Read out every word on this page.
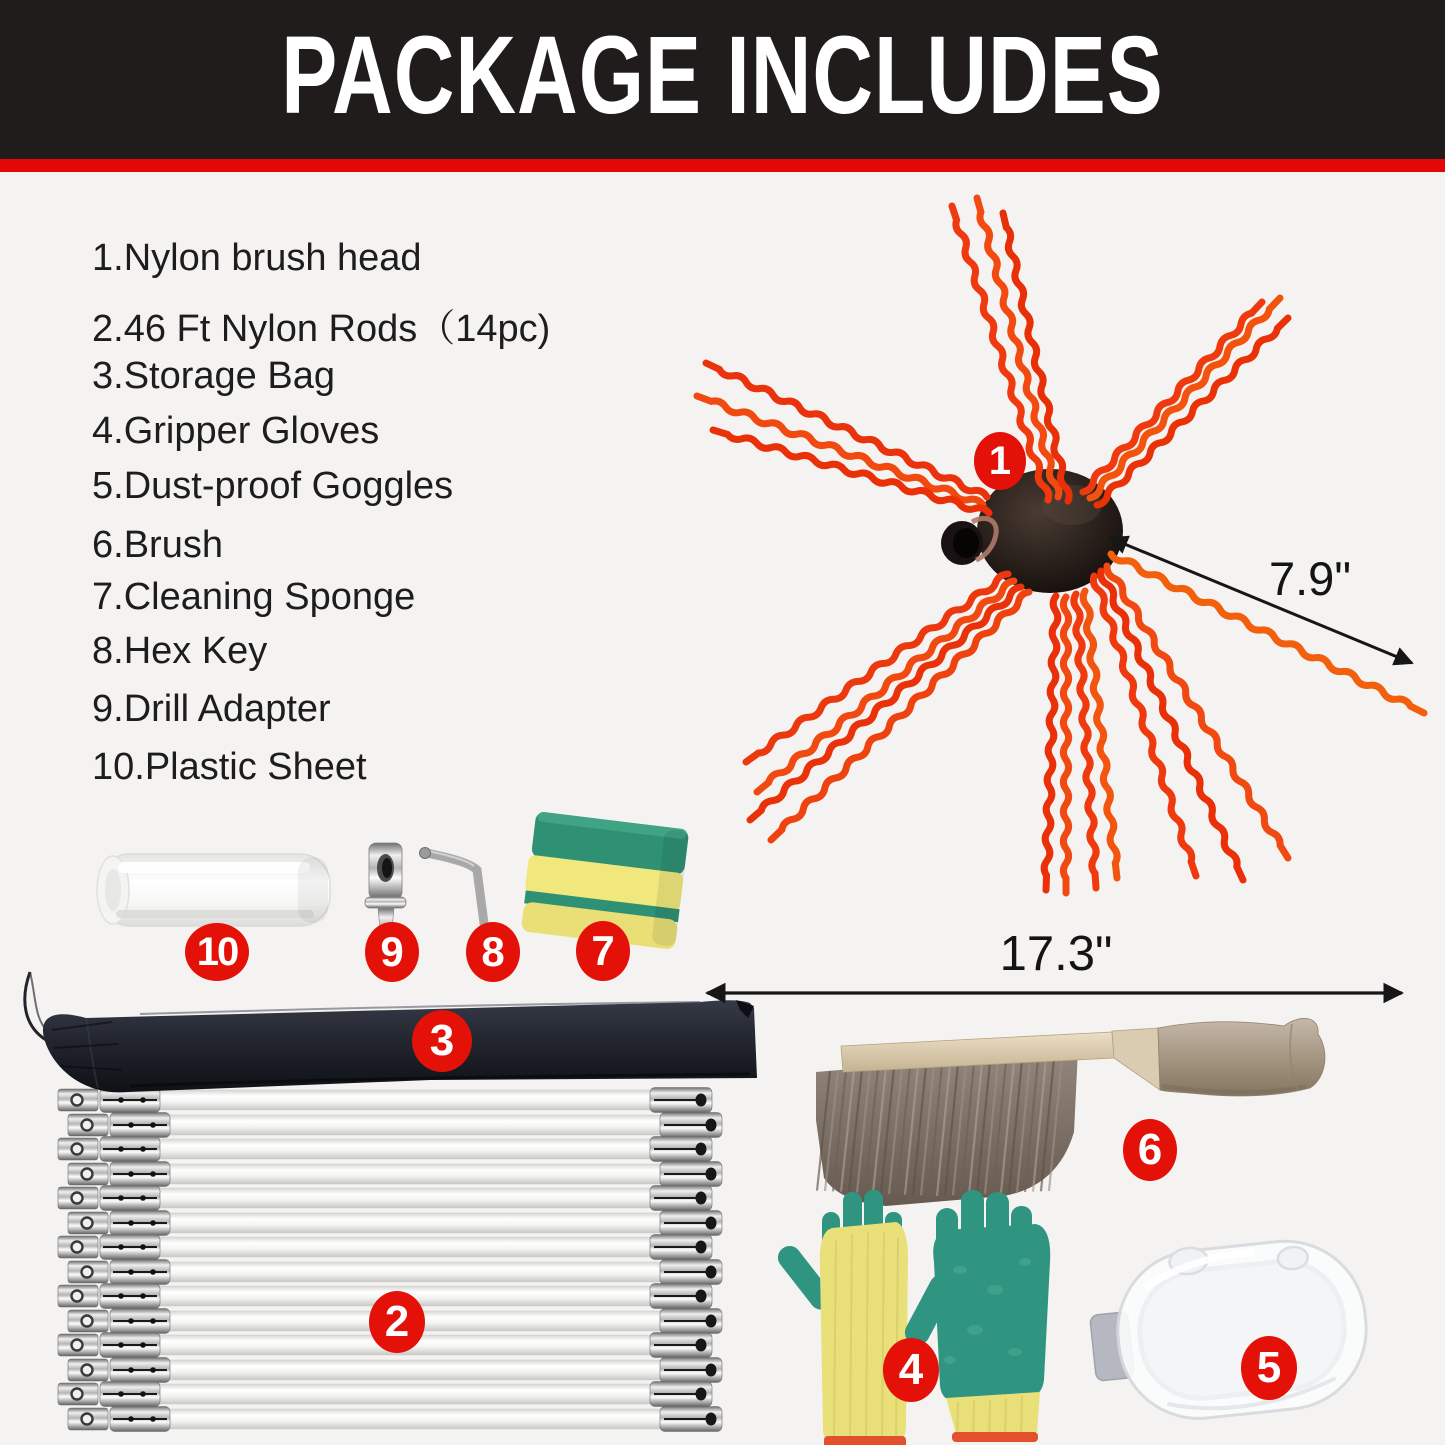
PACKAGE INCLUDES
1.Nylon brush head
2.46 Ft Nylon Rods（14pc)
3.Storage Bag
4.Gripper Gloves
5.Dust-proof Goggles
6.Brush
7.Cleaning Sponge
8.Hex Key
9.Drill Adapter
10.Plastic Sheet
1
2
3
4	5
6
7
8
9
10
7.9"
17.3"
